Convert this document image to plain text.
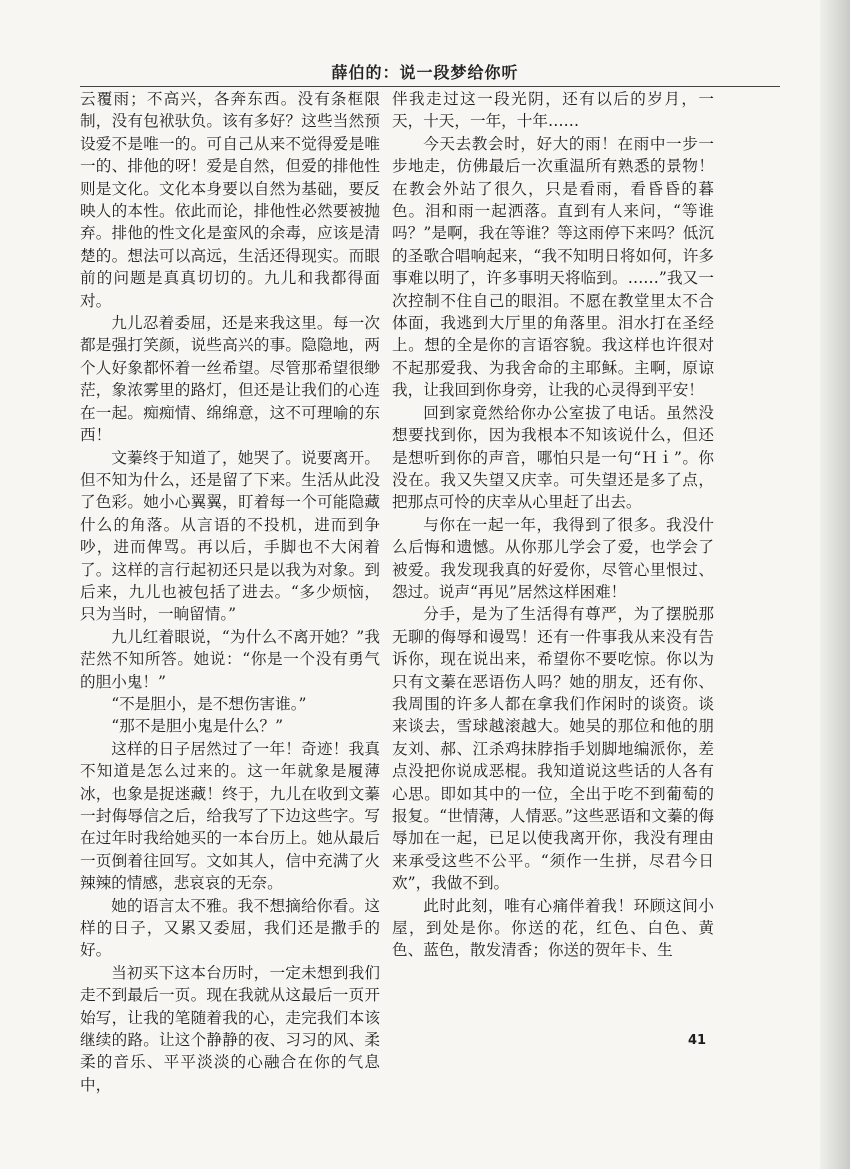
薛伯的：说一段梦给你听

云覆雨；不高兴，各奔东西。没有条框限制，没有包袱驮负。该有多好？这些当然预设爱不是唯一的。可自己从来不觉得爱是唯一的、排他的呀！爱是自然，但爱的排他性则是文化。文化本身要以自然为基础，要反映人的本性。依此而论，排他性必然要被抛弃。排他的性文化是蛮风的余毒，应该是清楚的。想法可以高远，生活还得现实。而眼前的问题是真真切切的。九儿和我都得面对。

九儿忍着委屈，还是来我这里。每一次都是强打笑颜，说些高兴的事。隐隐地，两个人好象都怀着一丝希望。尽管那希望很缈茫，象浓雾里的路灯，但还是让我们的心连在一起。痴痴情、绵绵意，这不可理喻的东西！

文蓁终于知道了，她哭了。说要离开。但不知为什么，还是留了下来。生活从此没了色彩。她小心翼翼，盯着每一个可能隐藏什么的角落。从言语的不投机，进而到争吵，进而俾骂。再以后，手脚也不大闲着了。这样的言行起初还只是以我为对象。到后来，九儿也被包括了进去。“多少烦恼，只为当时，一晌留情。”

九儿红着眼说，“为什么不离开她？”我茫然不知所答。她说：“你是一个没有勇气的胆小鬼！”

“不是胆小，是不想伤害谁。”

“那不是胆小鬼是什么？”

这样的日子居然过了一年！奇迹！我真不知道是怎么过来的。这一年就象是履薄冰，也象是捉迷藏！终于，九儿在收到文蓁一封侮辱信之后，给我写了下边这些字。写在过年时我给她买的一本台历上。她从最后一页倒着往回写。文如其人，信中充满了火辣辣的情感，悲哀哀的无奈。

她的语言太不雅。我不想摘给你看。这样的日子，又累又委屈，我们还是撒手的好。

当初买下这本台历时，一定未想到我们走不到最后一页。现在我就从这最后一页开始写，让我的笔随着我的心，走完我们本该继续的路。让这个静静的夜、习习的风、柔柔的音乐、平平淡淡的心融合在你的气息中，

伴我走过这一段光阴，还有以后的岁月，一天，十天，一年，十年……

今天去教会时，好大的雨！在雨中一步一步地走，仿佛最后一次重温所有熟悉的景物！在教会外站了很久，只是看雨，看昏昏的暮色。泪和雨一起洒落。直到有人来问，“等谁吗？”是啊，我在等谁？等这雨停下来吗？低沉的圣歌合唱响起来，“我不知明日将如何，许多事难以明了，许多事明天将临到。……”我又一次控制不住自己的眼泪。不愿在教堂里太不合体面，我逃到大厅里的角落里。泪水打在圣经上。想的全是你的言语容貌。我这样也许很对不起那爱我、为我舍命的主耶稣。主啊，原谅我，让我回到你身旁，让我的心灵得到平安！

回到家竟然给你办公室拔了电话。虽然没想要找到你，因为我根本不知该说什么，但还是想听到你的声音，哪怕只是一句“Ｈｉ”。你没在。我又失望又庆幸。可失望还是多了点，把那点可怜的庆幸从心里赶了出去。

与你在一起一年，我得到了很多。我没什么后悔和遗憾。从你那儿学会了爱，也学会了被爱。我发现我真的好爱你，尽管心里恨过、怨过。说声“再见”居然这样困难！

分手，是为了生活得有尊严，为了摆脱那无聊的侮辱和谩骂！还有一件事我从来没有告诉你，现在说出来，希望你不要吃惊。你以为只有文蓁在恶语伤人吗？她的朋友，还有你、我周围的许多人都在拿我们作闲时的谈资。谈来谈去，雪球越滚越大。她吴的那位和他的朋友刘、郝、江杀鸡抹脖指手划脚地编派你，差点没把你说成恶棍。我知道说这些话的人各有心思。即如其中的一位，全出于吃不到葡萄的报复。“世情薄，人情恶。”这些恶语和文蓁的侮辱加在一起，已足以使我离开你，我没有理由来承受这些不公平。“须作一生拼，尽君今日欢”，我做不到。

此时此刻，唯有心痛伴着我！环顾这间小屋，到处是你。你送的花，红色、白色、黄色、蓝色，散发清香；你送的贺年卡、生

41
